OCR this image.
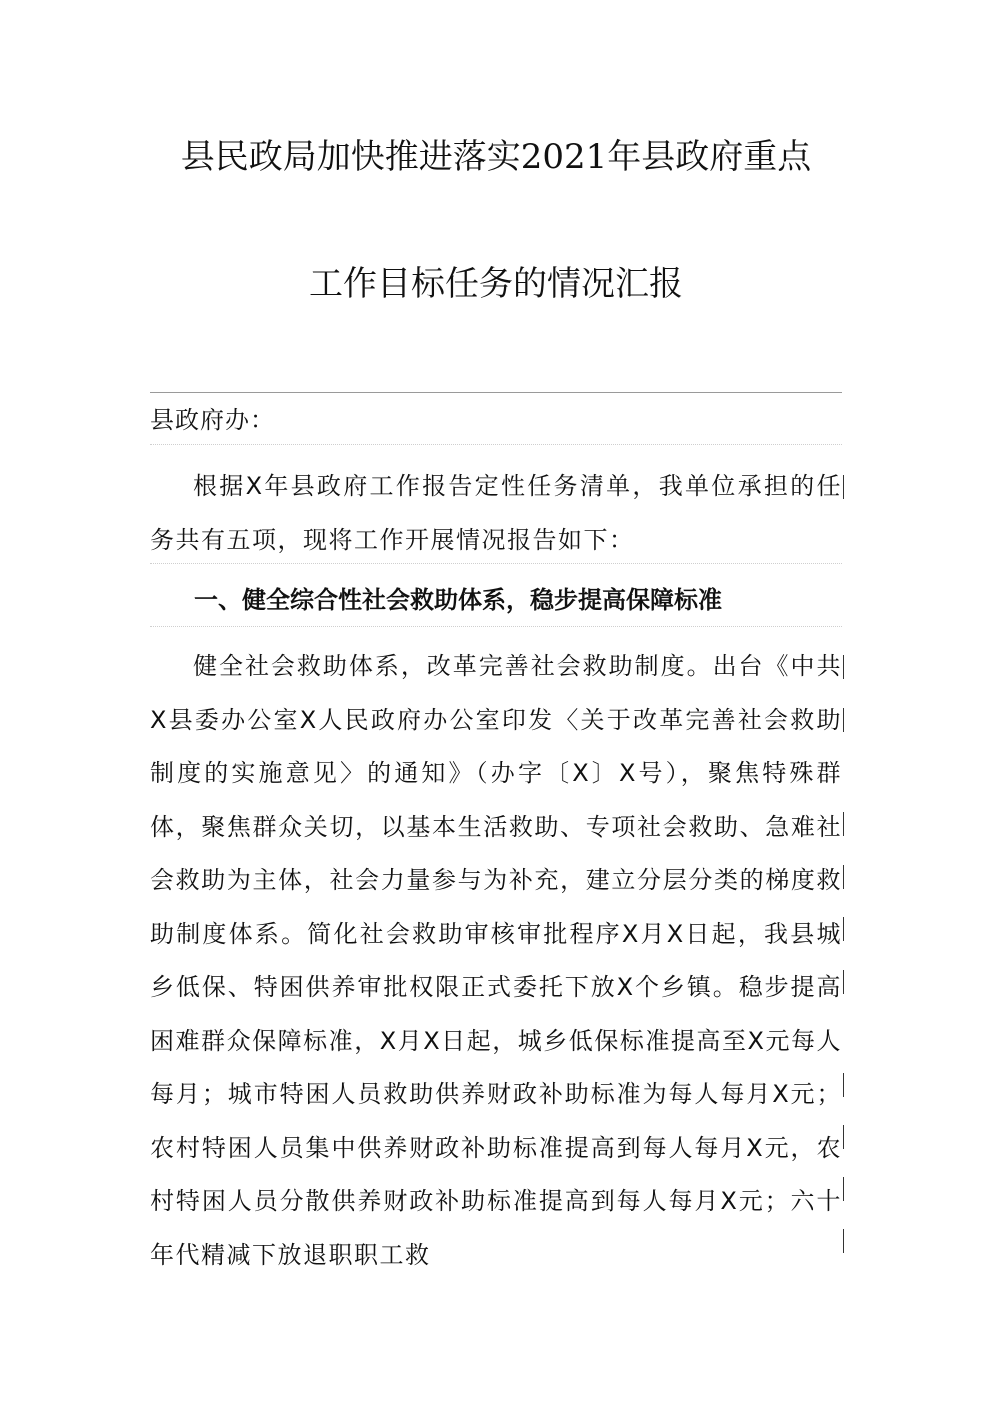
县民政局加快推进落实2021年县政府重点
工作目标任务的情况汇报
县政府办：
根据X年县政府工作报告定性任务清单，我单位承担的任务共有五项，现将工作开展情况报告如下：
一、健全综合性社会救助体系，稳步提高保障标准
健全社会救助体系，改革完善社会救助制度。出台《中共X县委办公室X人民政府办公室印发〈关于改革完善社会救助制度的实施意见〉的通知》（办字〔X〕X号），聚焦特殊群体，聚焦群众关切，以基本生活救助、专项社会救助、急难社会救助为主体，社会力量参与为补充，建立分层分类的梯度救助制度体系。简化社会救助审核审批程序X月X日起，我县城乡低保、特困供养审批权限正式委托下放X个乡镇。稳步提高困难群众保障标准，X月X日起，城乡低保标准提高至X元每人每月；城市特困人员救助供养财政补助标准为每人每月X元；农村特困人员集中供养财政补助标准提高到每人每月X元，农村特困人员分散供养财政补助标准提高到每人每月X元；六十年代精减下放退职职工救
